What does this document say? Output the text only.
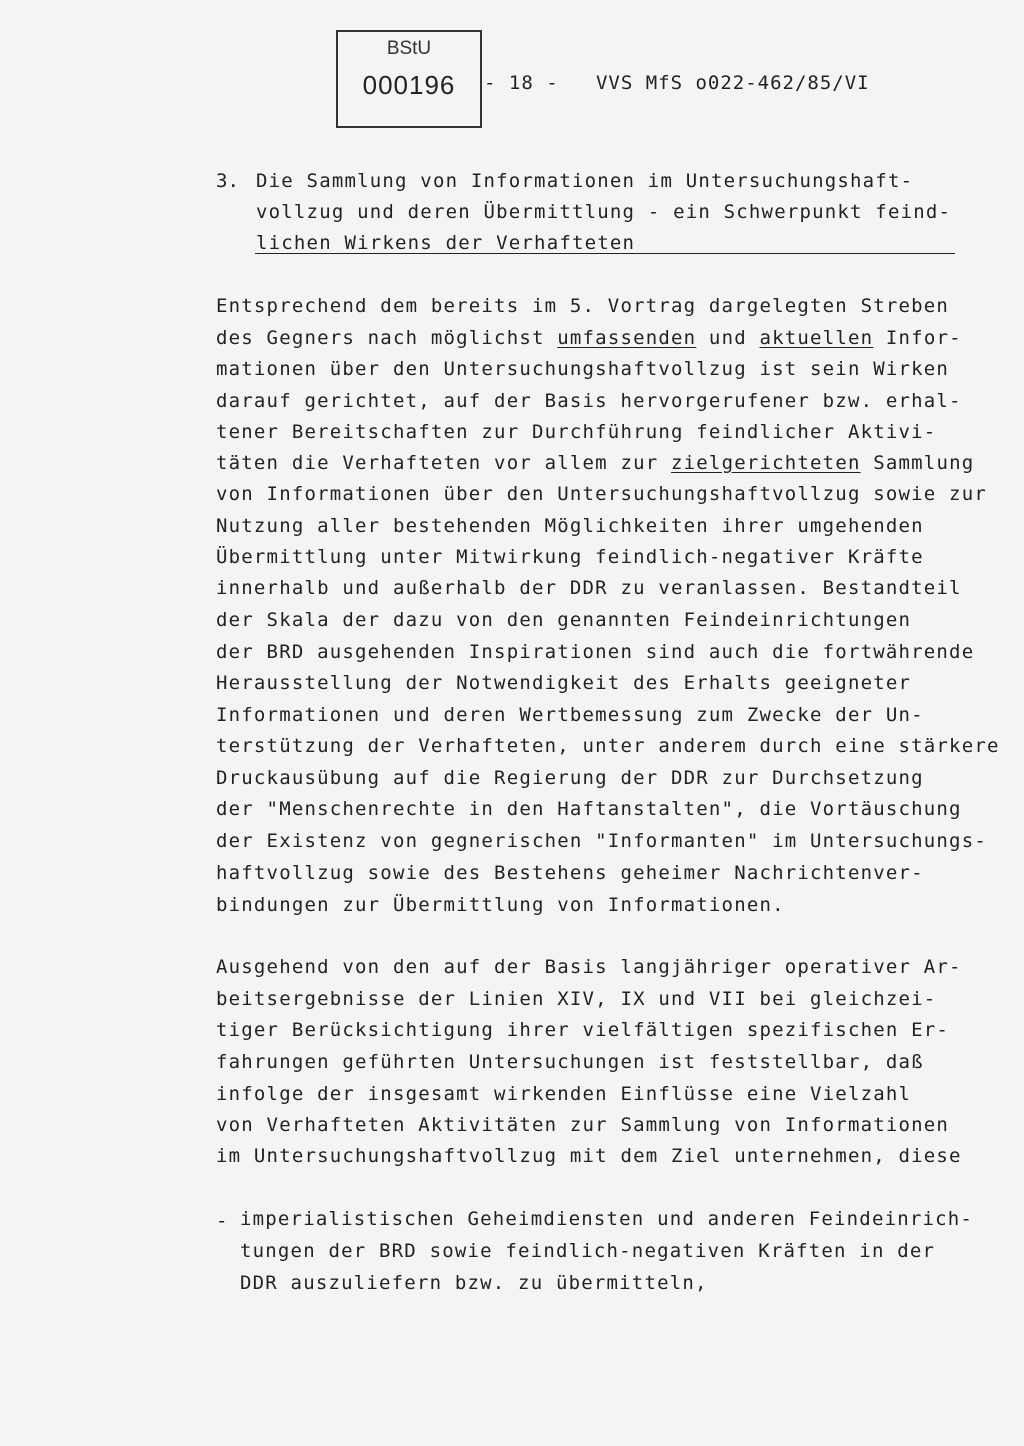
BStU
000196	- 18 -   VVS MfS o022-462/85/VI
3. Die Sammlung von Informationen im Untersuchungshaft-
vollzug und deren Übermittlung - ein Schwerpunkt feind-
lichen Wirkens der Verhafteten
Entsprechend dem bereits im 5. Vortrag dargelegten Streben
des Gegners nach möglichst umfassenden und aktuellen Infor-
mationen über den Untersuchungshaftvollzug ist sein Wirken
darauf gerichtet, auf der Basis hervorgerufener bzw. erhal-
tener Bereitschaften zur Durchführung feindlicher Aktivi-
täten die Verhafteten vor allem zur zielgerichteten Sammlung
von Informationen über den Untersuchungshaftvollzug sowie zur
Nutzung aller bestehenden Möglichkeiten ihrer umgehenden
Übermittlung unter Mitwirkung feindlich-negativer Kräfte
innerhalb und außerhalb der DDR zu veranlassen. Bestandteil
der Skala der dazu von den genannten Feindeinrichtungen
der BRD ausgehenden Inspirationen sind auch die fortwährende
Herausstellung der Notwendigkeit des Erhalts geeigneter
Informationen und deren Wertbemessung zum Zwecke der Un-
terstützung der Verhafteten, unter anderem durch eine stärkere
Druckausübung auf die Regierung der DDR zur Durchsetzung
der "Menschenrechte in den Haftanstalten", die Vortäuschung
der Existenz von gegnerischen "Informanten" im Untersuchungs-
haftvollzug sowie des Bestehens geheimer Nachrichtenver-
bindungen zur Übermittlung von Informationen.
Ausgehend von den auf der Basis langjähriger operativer Ar-
beitsergebnisse der Linien XIV, IX und VII bei gleichzei-
tiger Berücksichtigung ihrer vielfältigen spezifischen Er-
fahrungen geführten Untersuchungen ist feststellbar, daß
infolge der insgesamt wirkenden Einflüsse eine Vielzahl
von Verhafteten Aktivitäten zur Sammlung von Informationen
im Untersuchungshaftvollzug mit dem Ziel unternehmen, diese
- imperialistischen Geheimdiensten und anderen Feindeinrich-
tungen der BRD sowie feindlich-negativen Kräften in der
DDR auszuliefern bzw. zu übermitteln,
